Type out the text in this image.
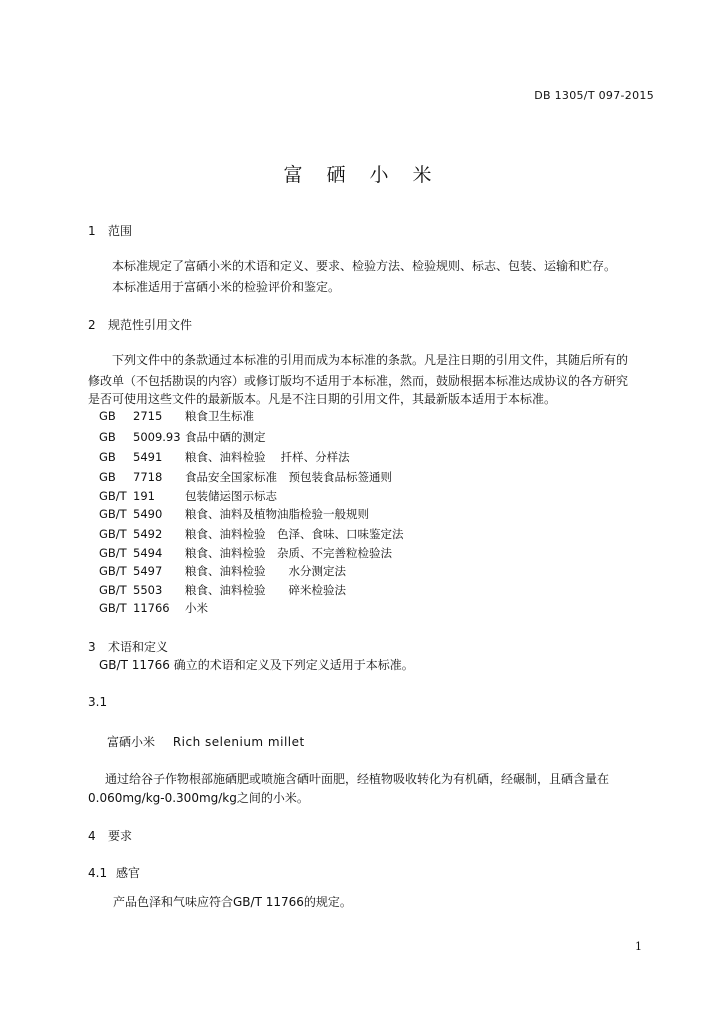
DB 1305/T 097-2015
富 硒 小 米
1 范围
本标准规定了富硒小米的术语和定义、要求、检验方法、检验规则、标志、包装、运输和贮存。
本标准适用于富硒小米的检验评价和鉴定。
2 规范性引用文件
下列文件中的条款通过本标准的引用而成为本标准的条款。凡是注日期的引用文件，其随后所有的
修改单（不包括勘误的内容）或修订版均不适用于本标准，然而，鼓励根据本标准达成协议的各方研究
是否可使用这些文件的最新版本。凡是不注日期的引用文件，其最新版本适用于本标准。
GB 2715 粮食卫生标准
GB 5009.93 食品中硒的测定
GB 5491 粮食、油料检验　 扦样、分样法
GB 7718 食品安全国家标准　预包装食品标签通则
GB/T 191	包装储运图示标志
GB/T 5490 粮食、油料及植物油脂检验一般规则
GB/T 5492 粮食、油料检验　色泽、食味、口味鉴定法
GB/T 5494 粮食、油料检验　杂质、不完善粒检验法
GB/T 5497 粮食、油料检验　　水分测定法
GB/T 5503 粮食、油料检验　　碎米检验法
GB/T 11766 小米
3 术语和定义
GB/T 11766 确立的术语和定义及下列定义适用于本标准。
3.1
富硒小米 Rich selenium millet
通过给谷子作物根部施硒肥或喷施含硒叶面肥，经植物吸收转化为有机硒，经碾制，且硒含量在
0.060mg/kg-0.300mg/kg之间的小米。
4 要求
4.1 感官
产品色泽和气味应符合GB/T 11766的规定。
1
